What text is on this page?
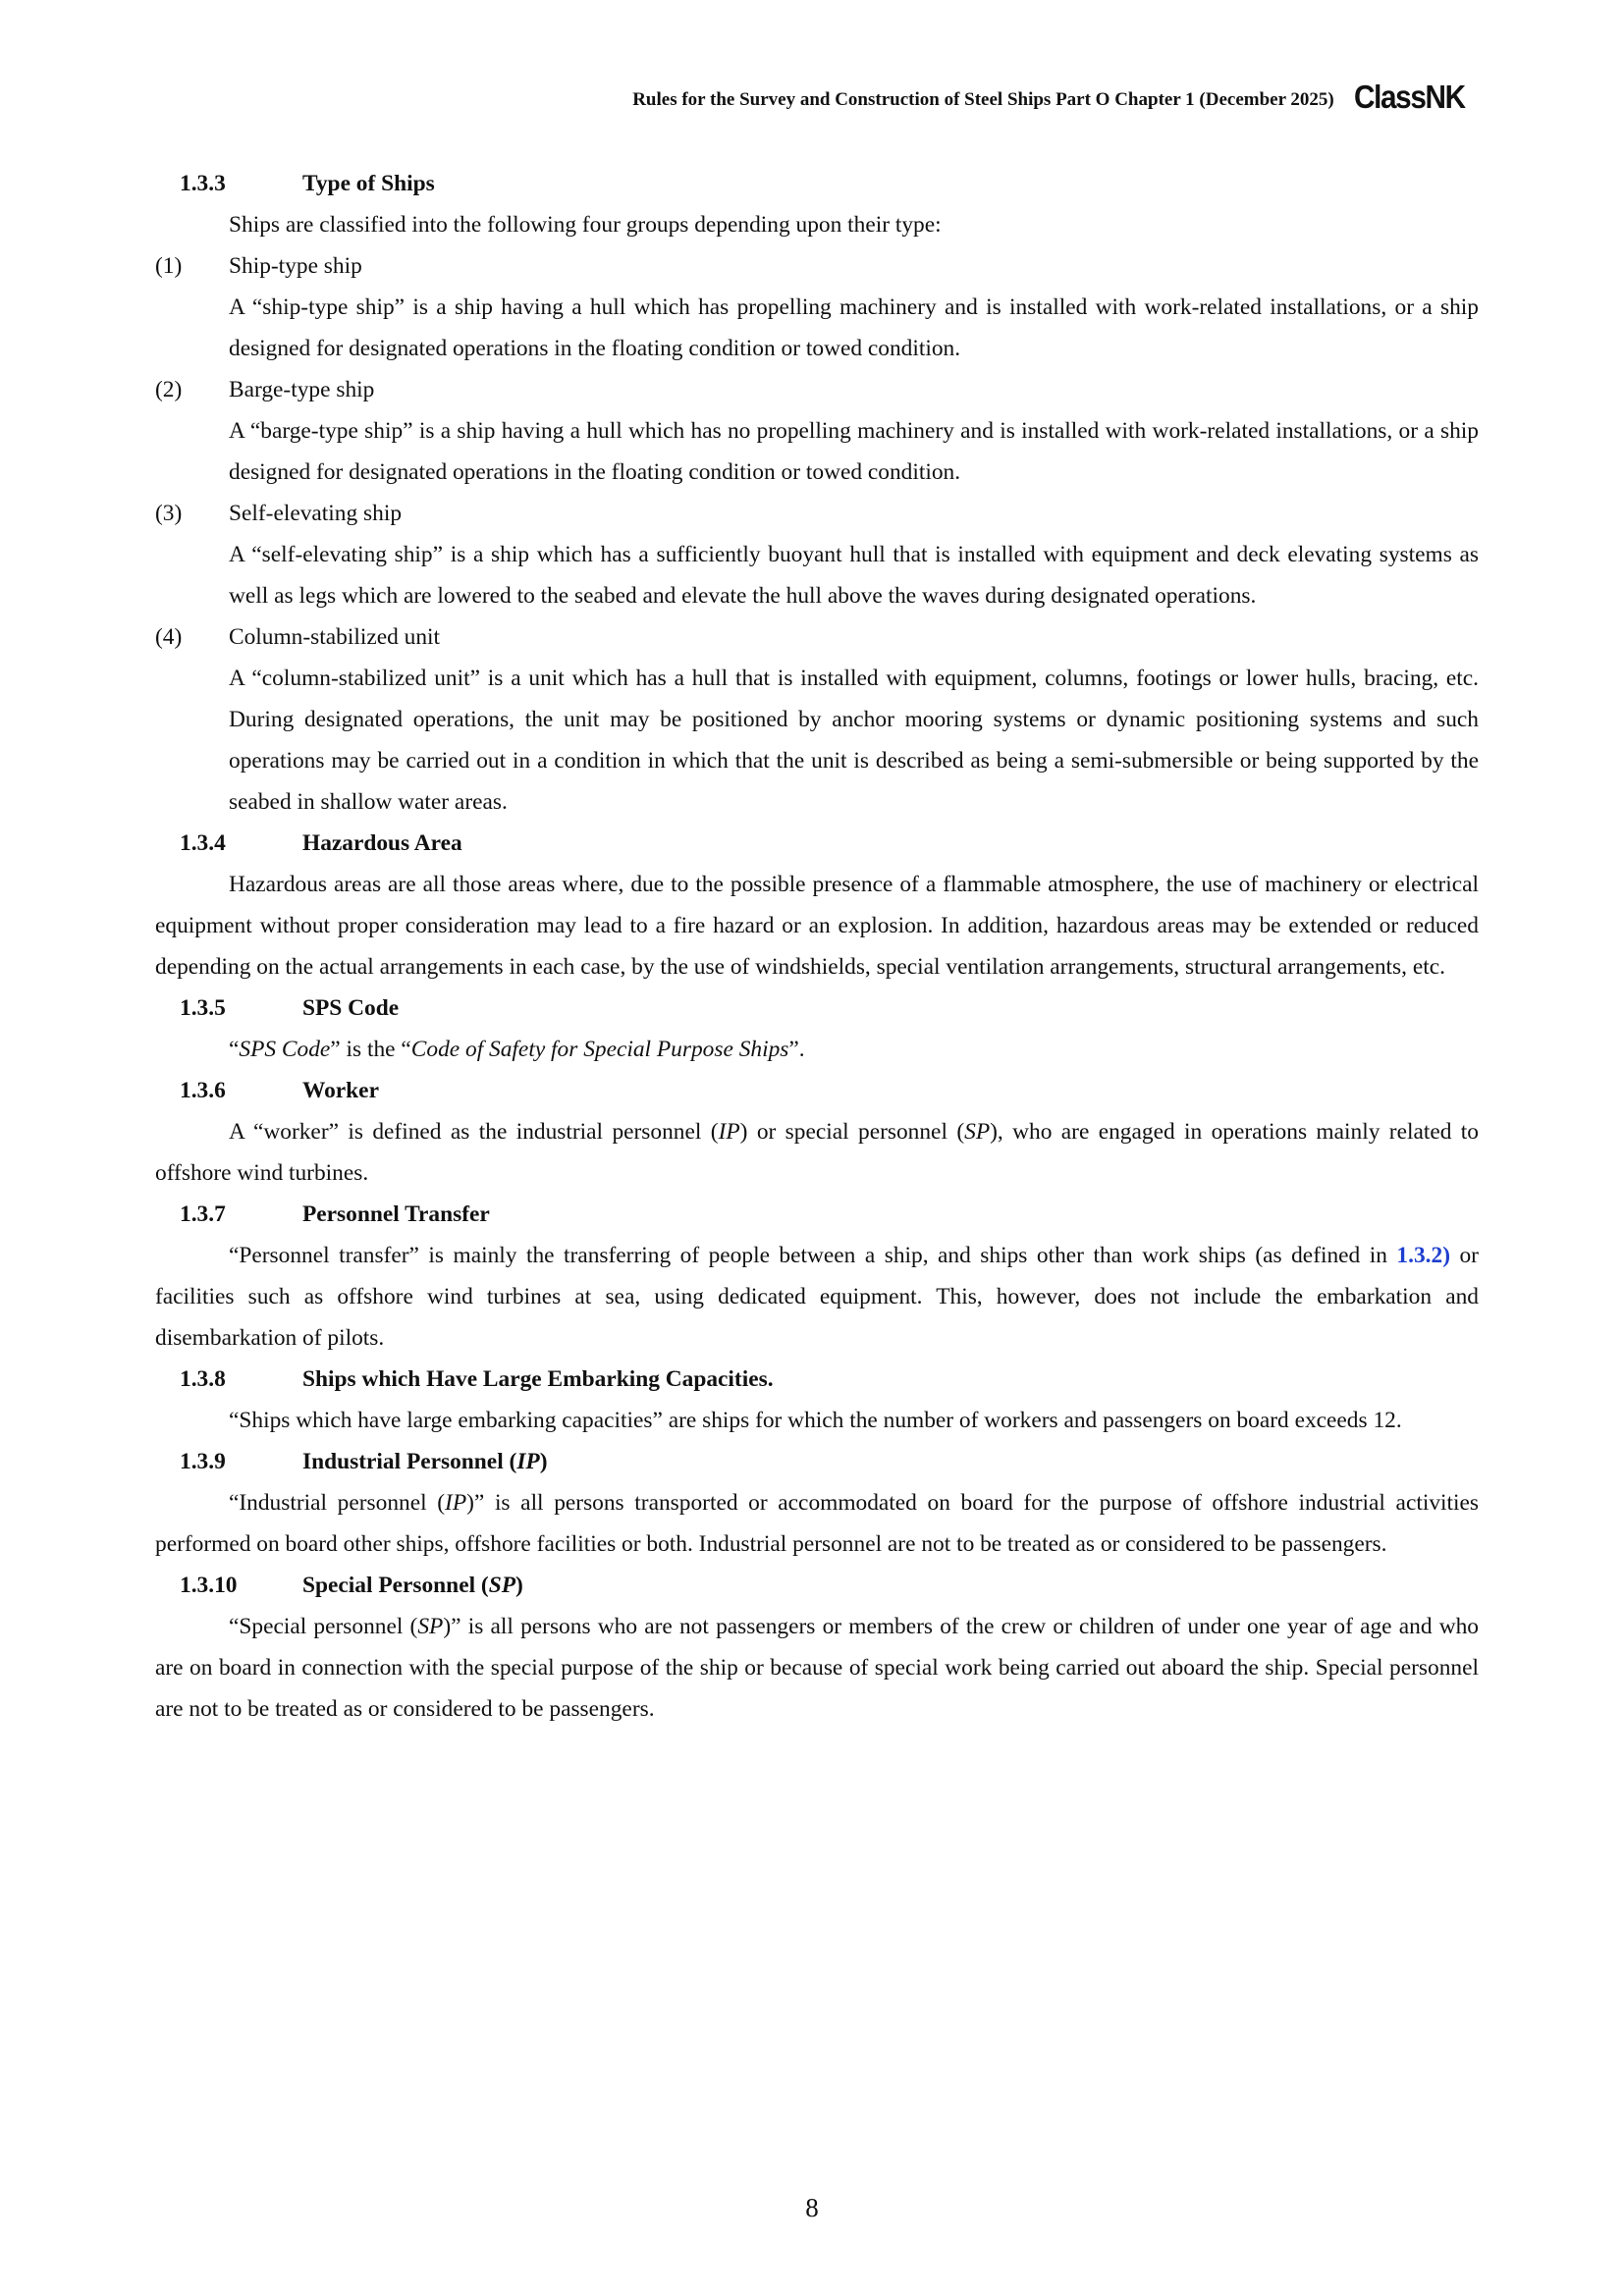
Rules for the Survey and Construction of Steel Ships Part O Chapter 1 (December 2025) ClassNK
1.3.3	Type of Ships

Ships are classified into the following four groups depending upon their type:

(1)	Ship-type ship

A “ship-type ship” is a ship having a hull which has propelling machinery and is installed with work-related installations, or a ship designed for designated operations in the floating condition or towed condition.

(2)	Barge-type ship

A “barge-type ship” is a ship having a hull which has no propelling machinery and is installed with work-related installations, or a ship designed for designated operations in the floating condition or towed condition.

(3)	Self-elevating ship

A “self-elevating ship” is a ship which has a sufficiently buoyant hull that is installed with equipment and deck elevating systems as well as legs which are lowered to the seabed and elevate the hull above the waves during designated operations.

(4)	Column-stabilized unit

A “column-stabilized unit” is a unit which has a hull that is installed with equipment, columns, footings or lower hulls, bracing, etc. During designated operations, the unit may be positioned by anchor mooring systems or dynamic positioning systems and such operations may be carried out in a condition in which that the unit is described as being a semi-submersible or being supported by the seabed in shallow water areas.

1.3.4	Hazardous Area

Hazardous areas are all those areas where, due to the possible presence of a flammable atmosphere, the use of machinery or electrical equipment without proper consideration may lead to a fire hazard or an explosion. In addition, hazardous areas may be extended or reduced depending on the actual arrangements in each case, by the use of windshields, special ventilation arrangements, structural arrangements, etc.

1.3.5	SPS Code

“SPS Code” is the “Code of Safety for Special Purpose Ships”.

1.3.6	Worker

A “worker” is defined as the industrial personnel (IP) or special personnel (SP), who are engaged in operations mainly related to offshore wind turbines.

1.3.7	Personnel Transfer

“Personnel transfer” is mainly the transferring of people between a ship, and ships other than work ships (as defined in 1.3.2) or facilities such as offshore wind turbines at sea, using dedicated equipment. This, however, does not include the embarkation and disembarkation of pilots.

1.3.8	Ships which Have Large Embarking Capacities.

“Ships which have large embarking capacities” are ships for which the number of workers and passengers on board exceeds 12.

1.3.9	Industrial Personnel (IP)

“Industrial personnel (IP)” is all persons transported or accommodated on board for the purpose of offshore industrial activities performed on board other ships, offshore facilities or both. Industrial personnel are not to be treated as or considered to be passengers.

1.3.10	Special Personnel (SP)

“Special personnel (SP)” is all persons who are not passengers or members of the crew or children of under one year of age and who are on board in connection with the special purpose of the ship or because of special work being carried out aboard the ship. Special personnel are not to be treated as or considered to be passengers.

8
